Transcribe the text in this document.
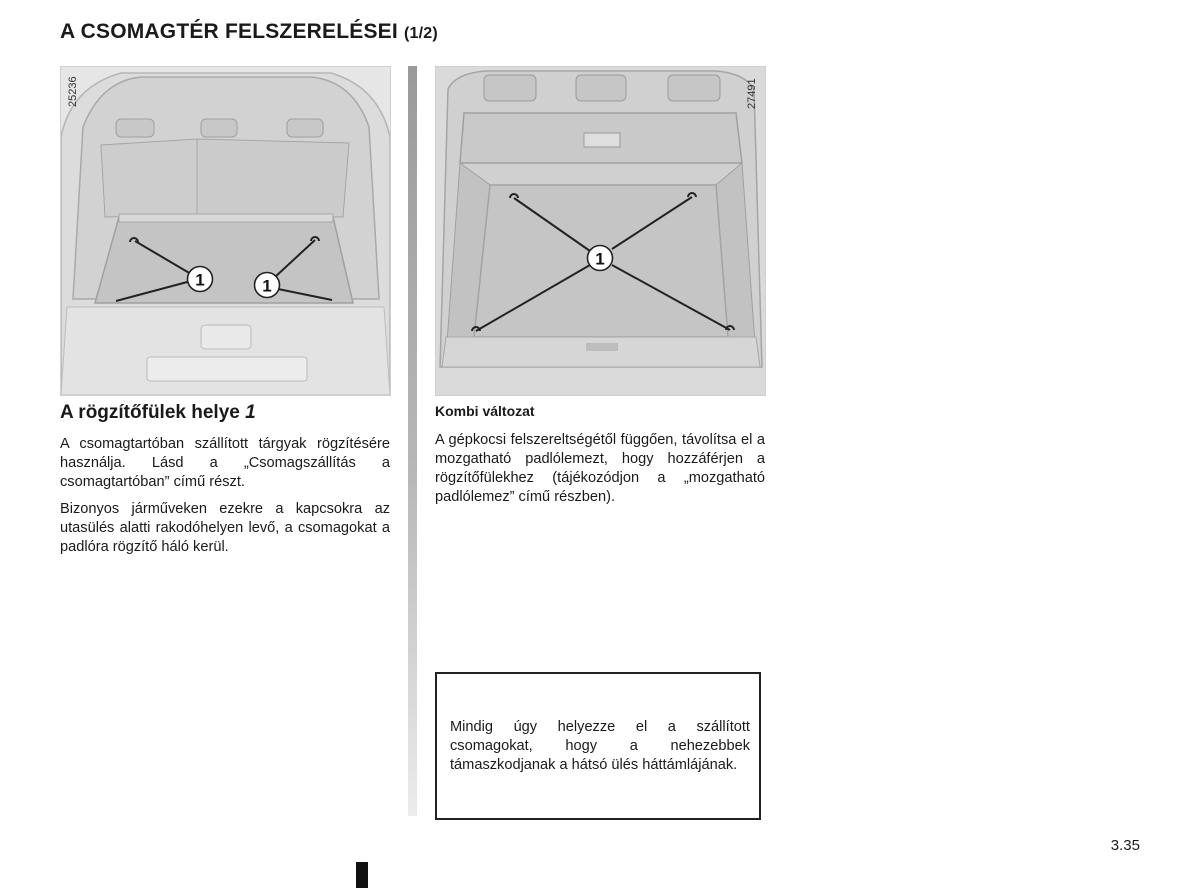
A CSOMAGTÉR FELSZERELÉSEI (1/2)
1	1
25236
1
27491
A rögzítőfülek helye 1

A csomagtartóban szállított tárgyak rögzítésére használja. Lásd a „Csomagszállítás a csomagtartóban” című részt.

Bizonyos járműveken ezekre a kapcsokra az utasülés alatti rakodóhelyen levő, a csomagokat a padlóra rögzítő háló kerül.

Kombi változat

A gépkocsi felszereltségétől függően, távolítsa el a mozgatható padlólemezt, hogy hozzáférjen a rögzítőfülekhez (tájékozódjon a „mozgatható padlólemez” című részben).

Mindig úgy helyezze el a szállított csomagokat, hogy a nehezebbek támaszkodjanak a hátsó ülés háttámlájának.

3.35
